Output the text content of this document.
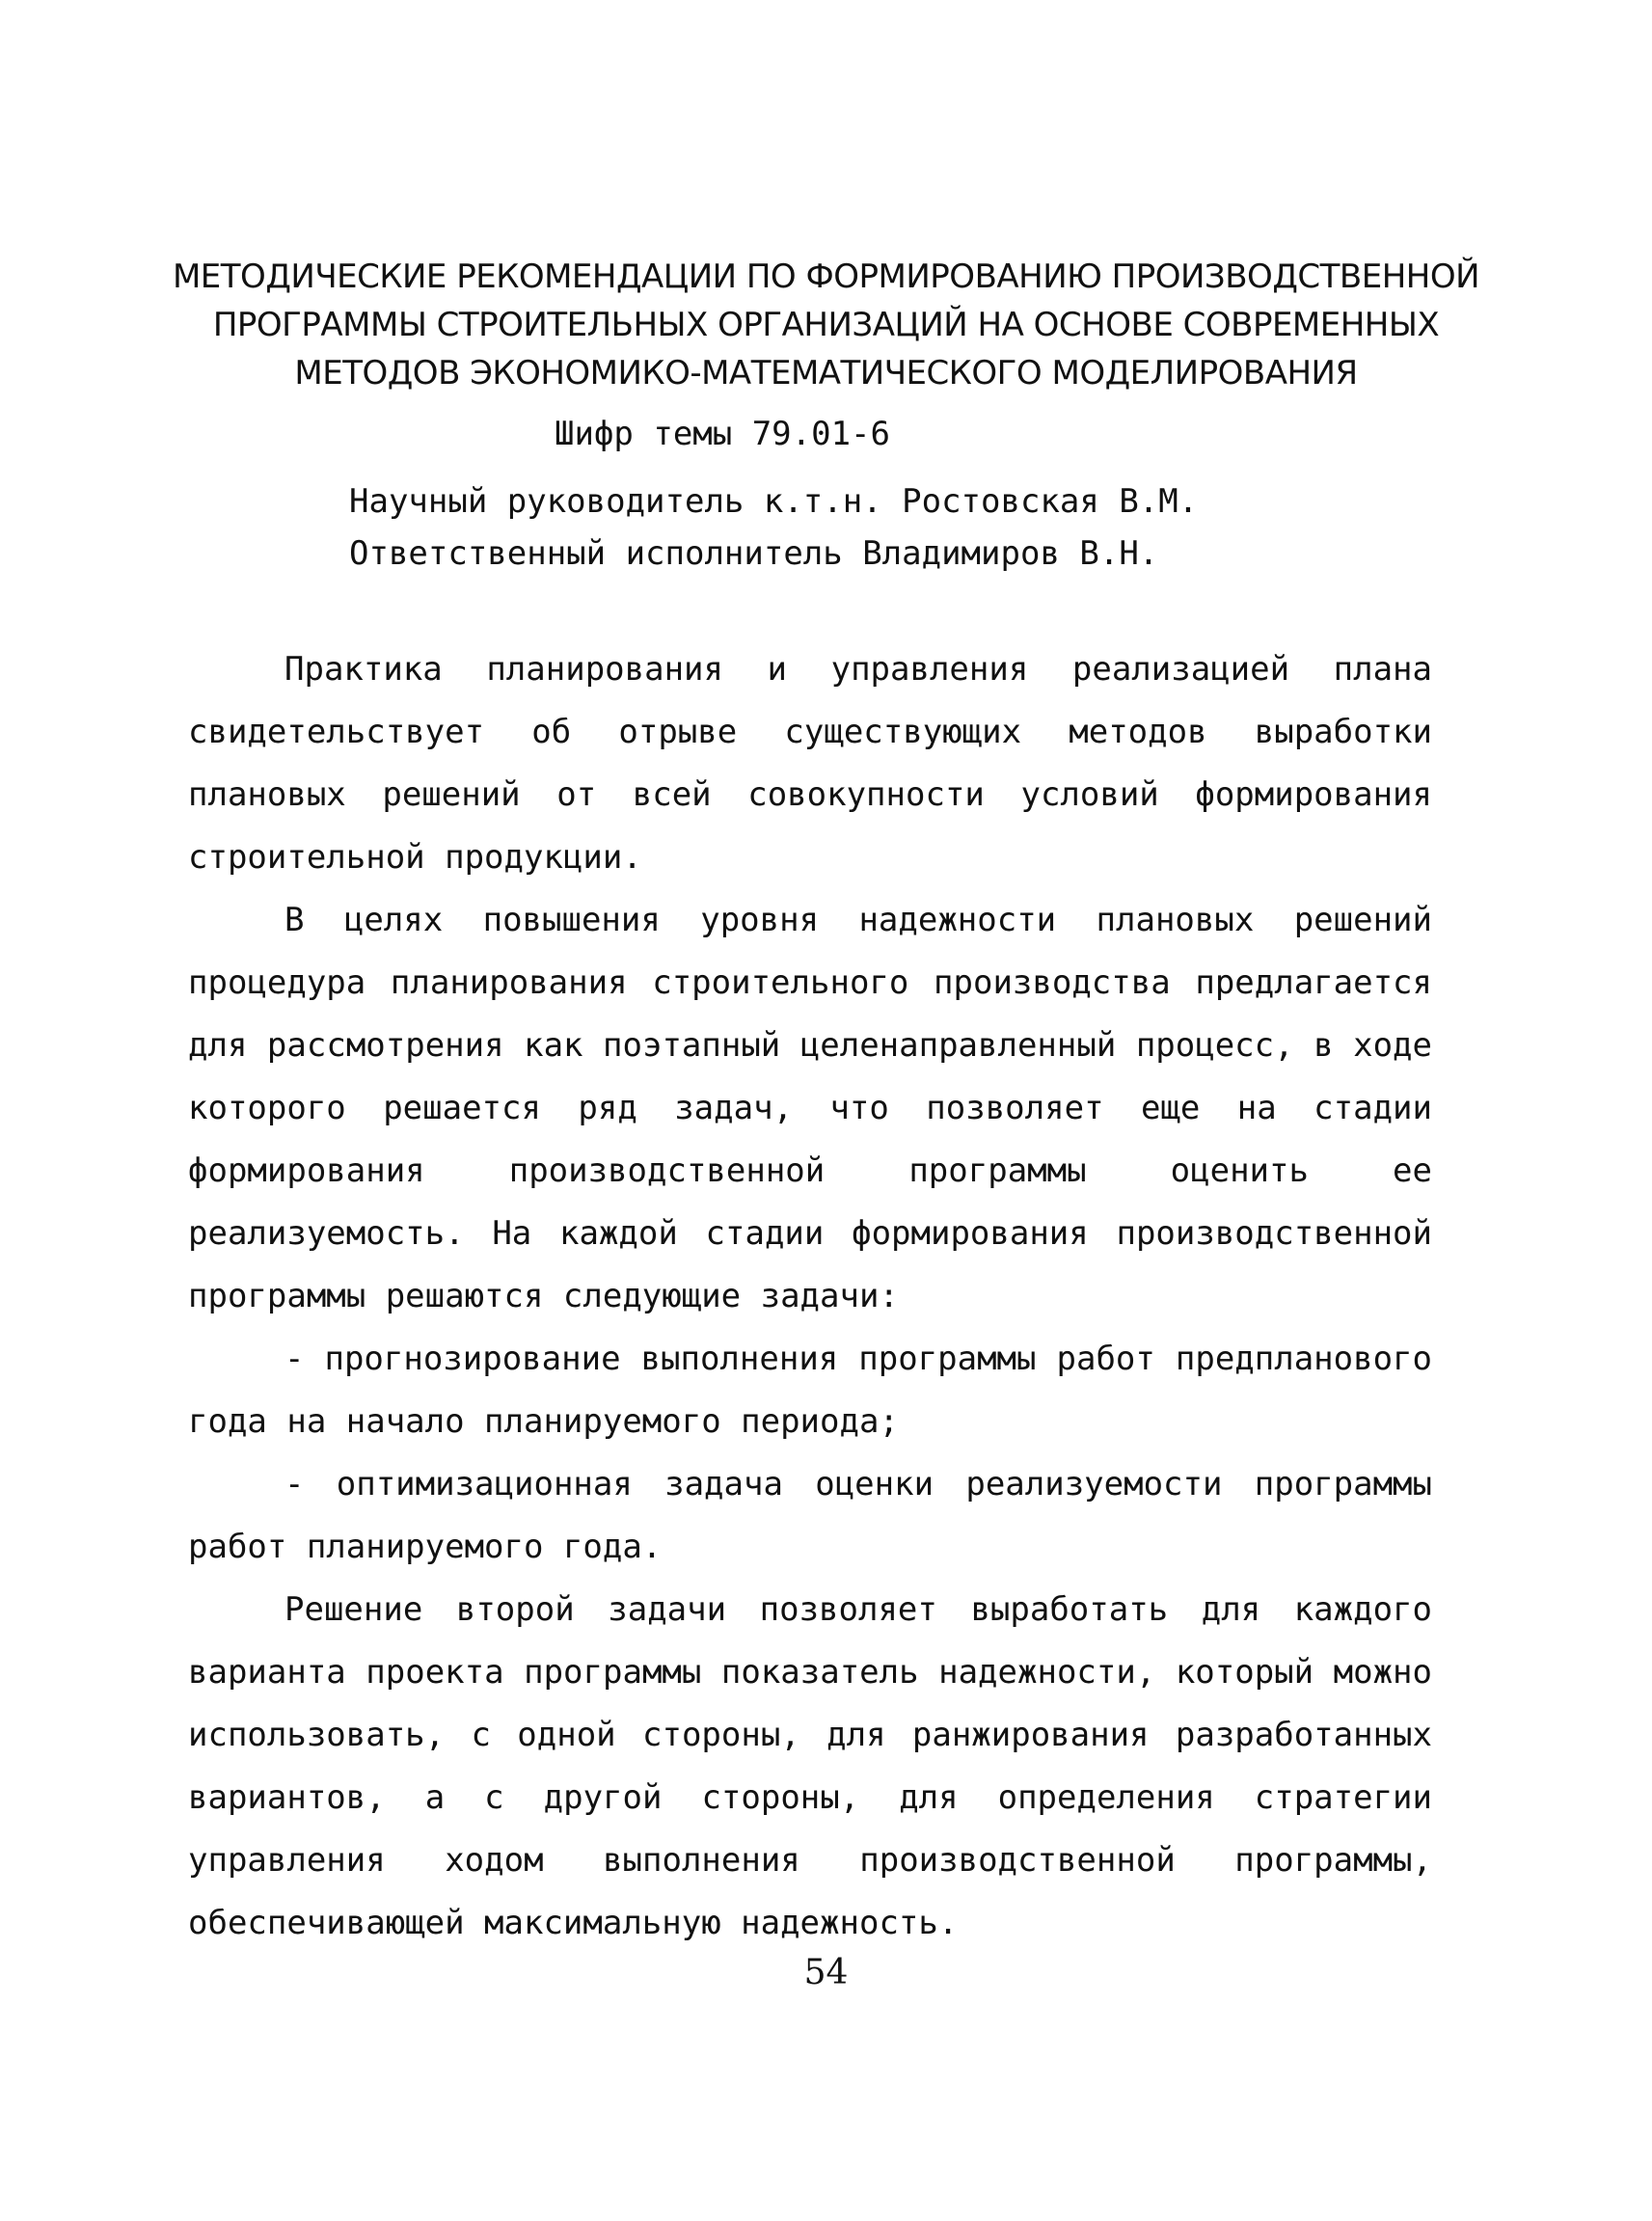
МЕТОДИЧЕСКИЕ РЕКОМЕНДАЦИИ ПО ФОРМИРОВАНИЮ ПРОИЗВОДСТВЕННОЙ
ПРОГРАММЫ СТРОИТЕЛЬНЫХ ОРГАНИЗАЦИЙ НА ОСНОВЕ СОВРЕМЕННЫХ
МЕТОДОВ ЭКОНОМИКО-МАТЕМАТИЧЕСКОГО МОДЕЛИРОВАНИЯ

Шифр темы 79.01-6

Научный руководитель к.т.н. Ростовская В.М.
Ответственный исполнитель Владимиров В.Н.

Практика планирования и управления реализацией плана свидетельствует об отрыве существующих методов выработки плановых решений от всей совокупности условий формирования строительной продукции.

В целях повышения уровня надежности плановых решений процедура планирования строительного производства предлагается для рассмотрения как поэтапный целенаправленный процесс, в ходе которого решается ряд задач, что позволяет еще на стадии формирования производственной программы оценить ее реализуемость. На каждой стадии формирования производственной программы решаются следующие задачи:

- прогнозирование выполнения программы работ предпланового года на начало планируемого периода;

- оптимизационная задача оценки реализуемости программы работ планируемого года.

Решение второй задачи позволяет выработать для каждого варианта проекта программы показатель надежности, который можно использовать, с одной стороны, для ранжирования разработанных вариантов, а с другой стороны, для определения стратегии управления ходом выполнения производственной программы, обеспечивающей максимальную надежность.

54
